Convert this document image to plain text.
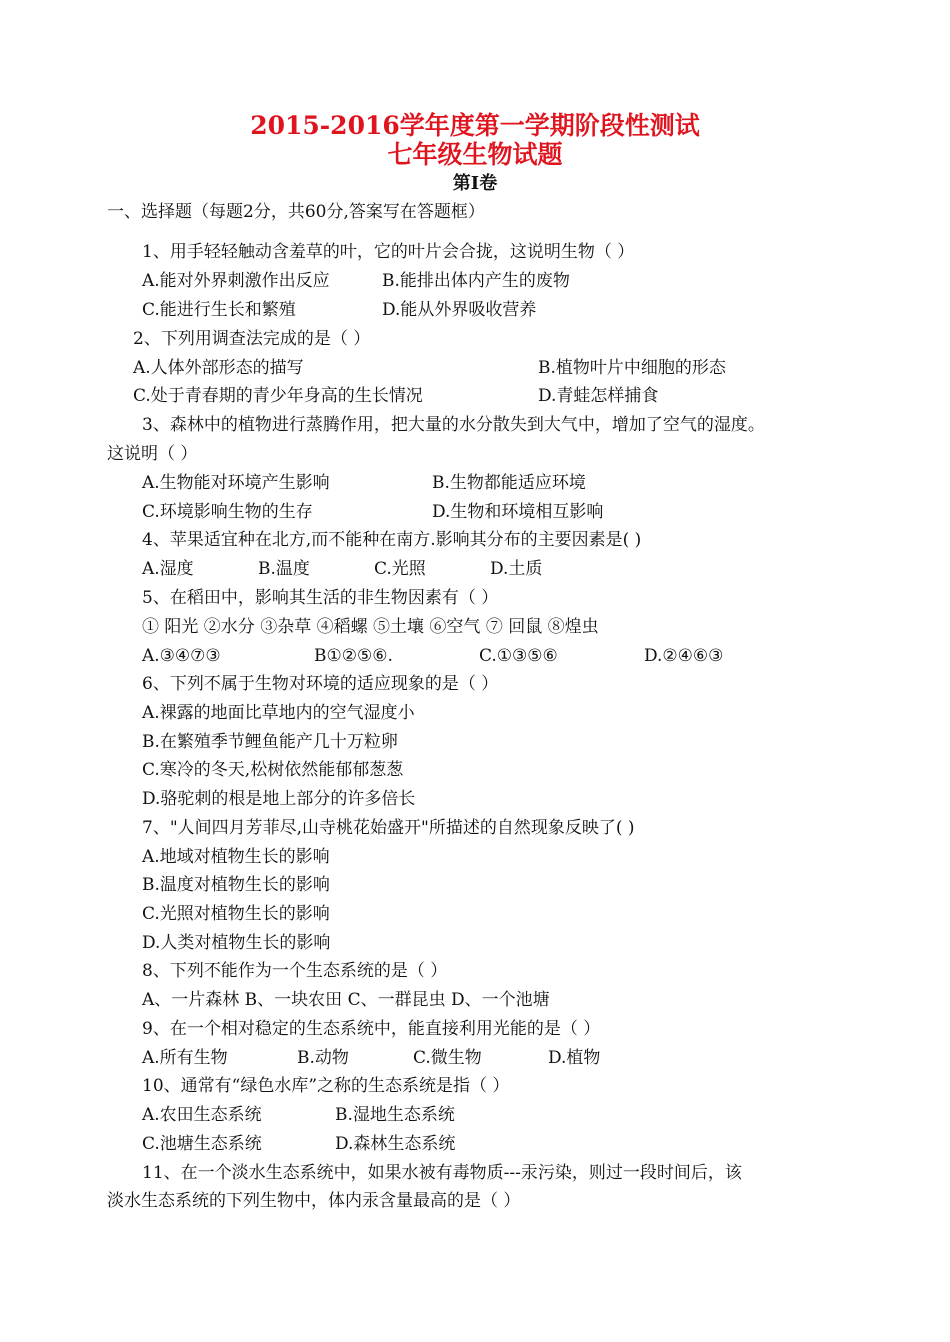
2015-2016学年度第一学期阶段性测试
七年级生物试题
第Ⅰ卷
一、选择题（每题2分，共60分,答案写在答题框）
1、用手轻轻触动含羞草的叶，它的叶片会合拢，这说明生物（ ）
A.能对外界刺激作出反应	B.能排出体内产生的废物
C.能进行生长和繁殖	D.能从外界吸收营养
2、下列用调查法完成的是（ ）
A.人体外部形态的描写	B.植物叶片中细胞的形态
C.处于青春期的青少年身高的生长情况	D.青蛙怎样捕食
3、森林中的植物进行蒸腾作用，把大量的水分散失到大气中，增加了空气的湿度。
这说明（ ）
A.生物能对环境产生影响	B.生物都能适应环境
C.环境影响生物的生存	D.生物和环境相互影响
4、苹果适宜种在北方,而不能种在南方.影响其分布的主要因素是( )
A.湿度	B.温度	C.光照	D.土质
5、在稻田中，影响其生活的非生物因素有（ ）
① 阳光 ②水分 ③杂草 ④稻螺 ⑤土壤 ⑥空气 ⑦ 回鼠 ⑧煌虫
A.③④⑦③	B①②⑤⑥.	C.①③⑤⑥	D.②④⑥③
6、下列不属于生物对环境的适应现象的是（ ）
A.裸露的地面比草地内的空气湿度小
B.在繁殖季节鲤鱼能产几十万粒卵
C.寒冷的冬天,松树依然能郁郁葱葱
D.骆驼刺的根是地上部分的许多倍长
7、"人间四月芳菲尽,山寺桃花始盛开"所描述的自然现象反映了( )
A.地域对植物生长的影响
B.温度对植物生长的影响
C.光照对植物生长的影响
D.人类对植物生长的影响
8、下列不能作为一个生态系统的是（ ）
A、一片森林 B、一块农田 C、一群昆虫 D、一个池塘
9、在一个相对稳定的生态系统中，能直接利用光能的是（ ）
A.所有生物	B.动物	C.微生物	D.植物
10、通常有“绿色水库”之称的生态系统是指（ ）
A.农田生态系统	B.湿地生态系统
C.池塘生态系统	D.森林生态系统
11、在一个淡水生态系统中，如果水被有毒物质---汞污染，则过一段时间后，该
淡水生态系统的下列生物中，体内汞含量最高的是（ ）
